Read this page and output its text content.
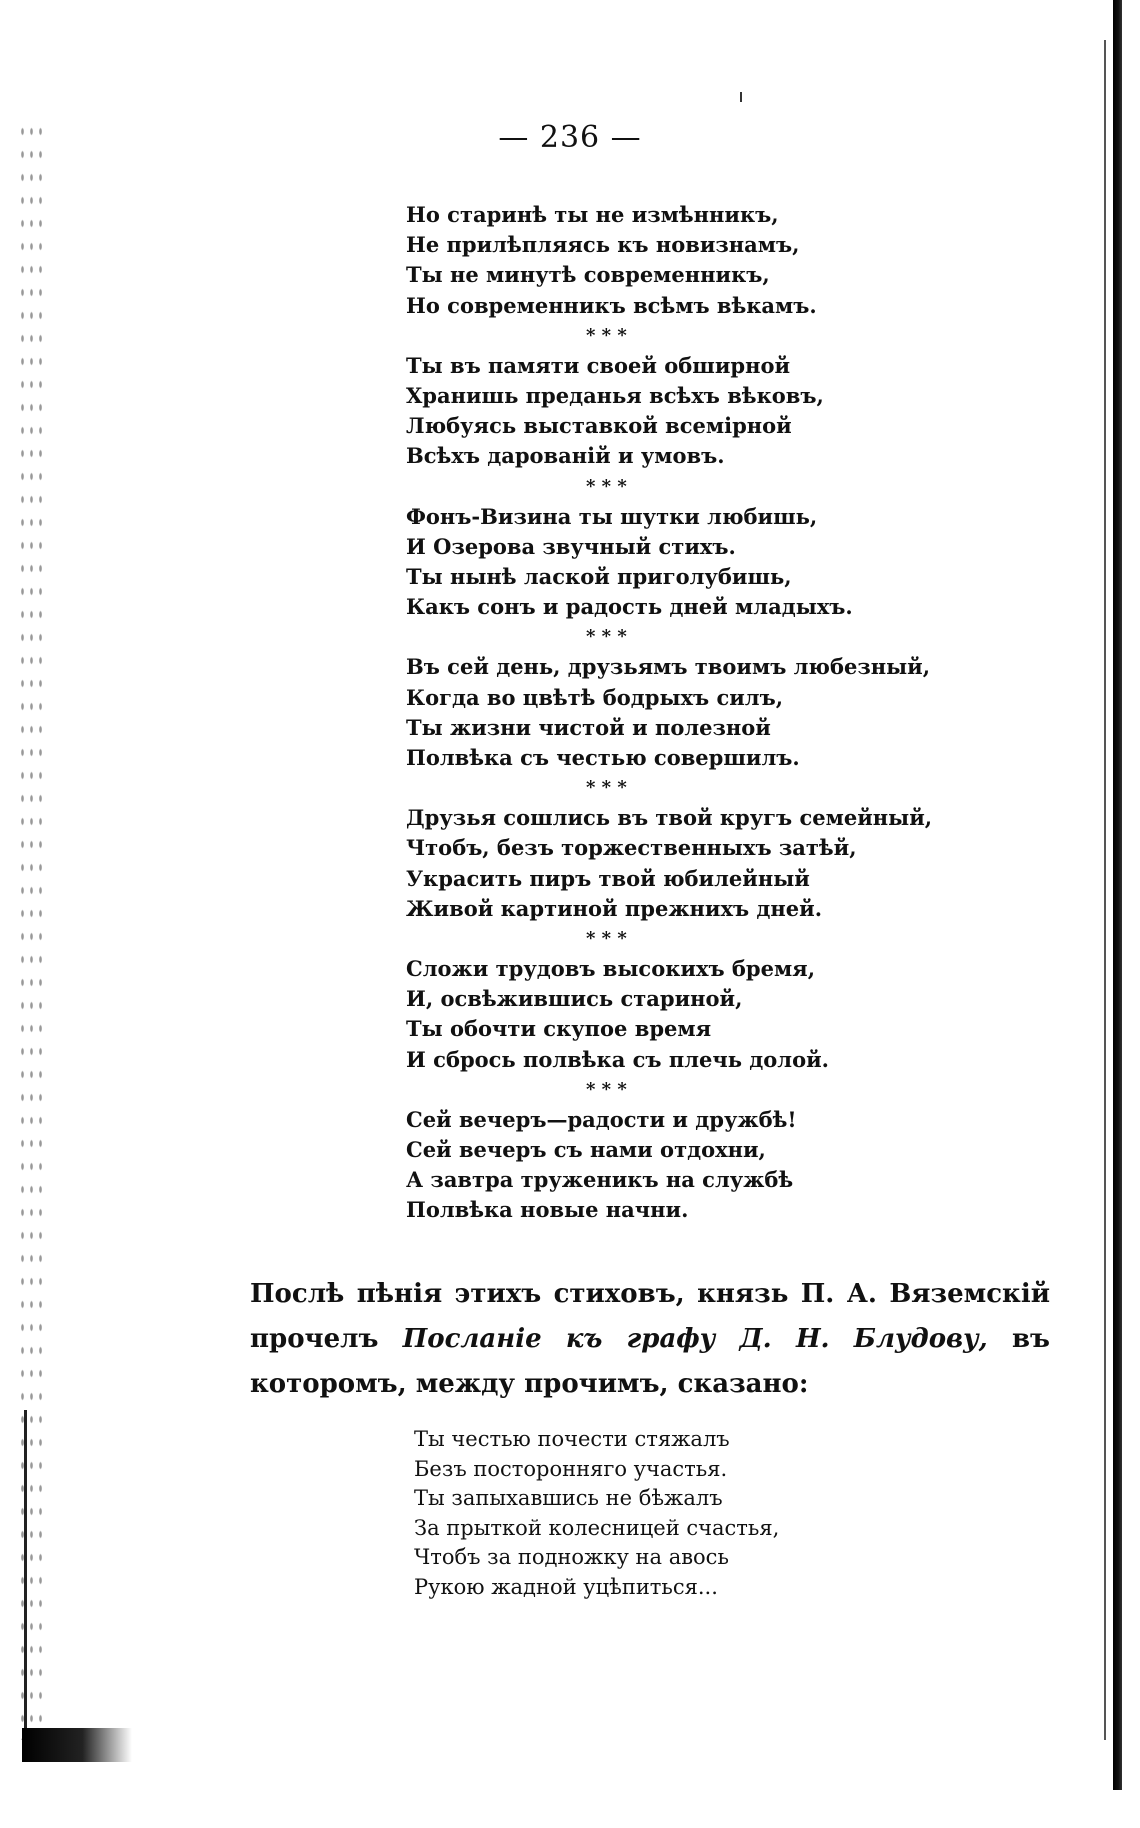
— 236 —
Но старинѣ ты не измѣнникъ,
Не прилѣпляясь къ новизнамъ,
Ты не минутѣ современникъ,
Но современникъ всѣмъ вѣкамъ.
* * *
Ты въ памяти своей обширной
Хранишь преданья всѣхъ вѣковъ,
Любуясь выставкой всемірной
Всѣхъ дарованій и умовъ.
* * *
Фонъ-Визина ты шутки любишь,
И Озерова звучный стихъ.
Ты нынѣ лаской приголубишь,
Какъ сонъ и радость дней младыхъ.
* * *
Въ сей день, друзьямъ твоимъ любезный,
Когда во цвѣтѣ бодрыхъ силъ,
Ты жизни чистой и полезной
Полвѣка съ честью совершилъ.
* * *
Друзья сошлись въ твой кругъ семейный,
Чтобъ, безъ торжественныхъ затѣй,
Украсить пиръ твой юбилейный
Живой картиной прежнихъ дней.
* * *
Сложи трудовъ высокихъ бремя,
И, освѣжившись стариной,
Ты обочти скупое время
И сбрось полвѣка съ плечь долой.
* * *
Сей вечеръ—радости и дружбѣ!
Сей вечеръ съ нами отдохни,
А завтра труженикъ на службѣ
Полвѣка новые начни.
Послѣ пѣнія этихъ стиховъ, князь П. А. Вяземскій прочелъ Посланіе къ графу Д. Н. Блудову, въ которомъ, между прочимъ, сказано:
Ты честью почести стяжалъ
Безъ посторонняго участья.
Ты запыхавшись не бѣжалъ
За прыткой колесницей счастья,
Чтобъ за подножку на авось
Рукою жадной уцѣпиться...
